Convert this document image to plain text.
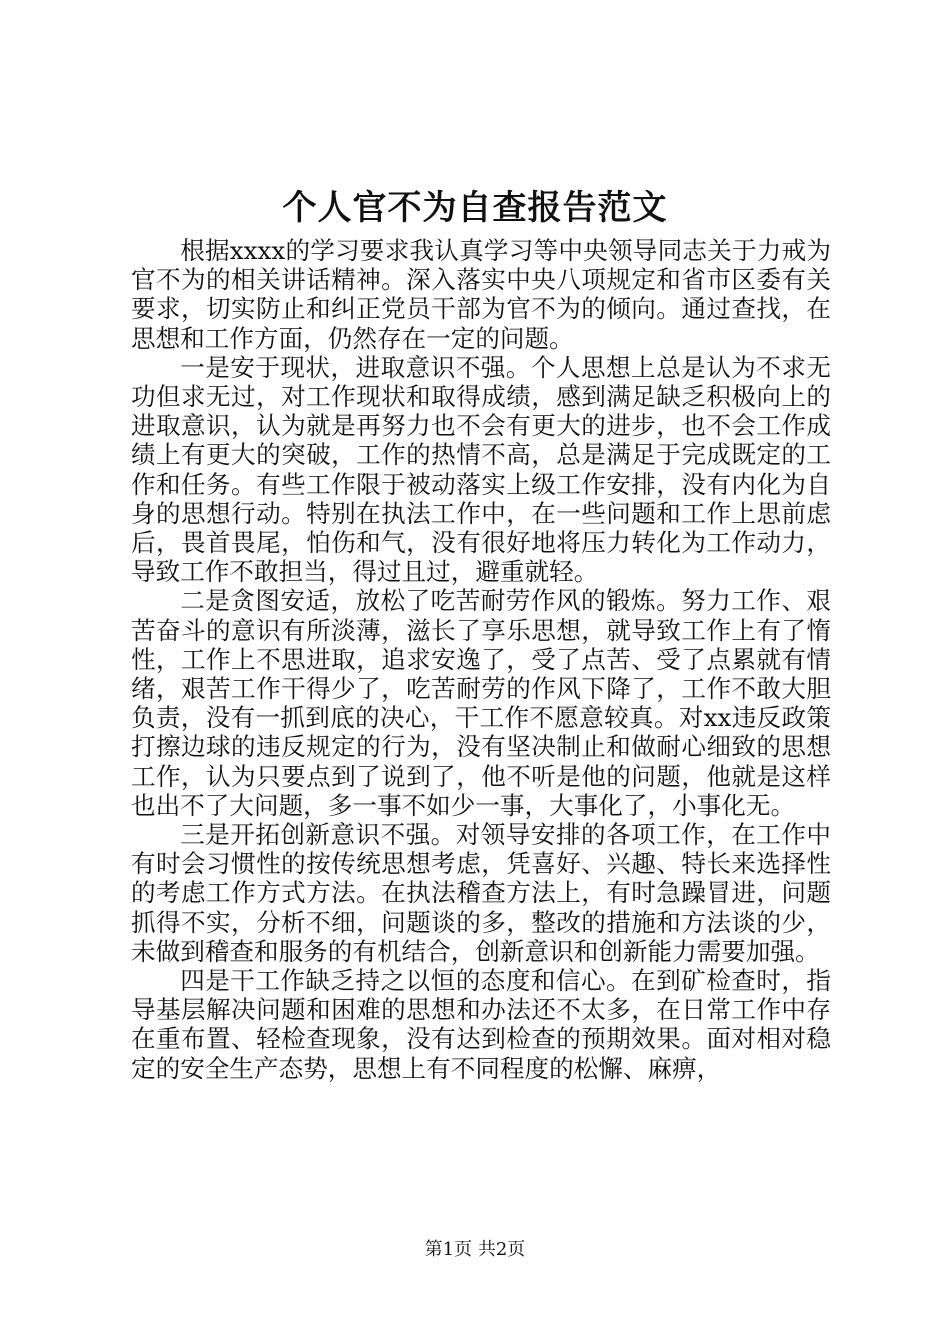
个人官不为自查报告范文

根据xxxx的学习要求我认真学习等中央领导同志关于力戒为官不为的相关讲话精神。深入落实中央八项规定和省市区委有关要求，切实防止和纠正党员干部为官不为的倾向。通过查找，在思想和工作方面，仍然存在一定的问题。

一是安于现状，进取意识不强。个人思想上总是认为不求无功但求无过，对工作现状和取得成绩，感到满足缺乏积极向上的进取意识，认为就是再努力也不会有更大的进步，也不会工作成绩上有更大的突破，工作的热情不高，总是满足于完成既定的工作和任务。有些工作限于被动落实上级工作安排，没有内化为自身的思想行动。特别在执法工作中，在一些问题和工作上思前虑后，畏首畏尾，怕伤和气，没有很好地将压力转化为工作动力，导致工作不敢担当，得过且过，避重就轻。

二是贪图安适，放松了吃苦耐劳作风的锻炼。努力工作、艰苦奋斗的意识有所淡薄，滋长了享乐思想，就导致工作上有了惰性，工作上不思进取，追求安逸了，受了点苦、受了点累就有情绪，艰苦工作干得少了，吃苦耐劳的作风下降了，工作不敢大胆负责，没有一抓到底的决心，干工作不愿意较真。对xx违反政策打擦边球的违反规定的行为，没有坚决制止和做耐心细致的思想工作，认为只要点到了说到了，他不听是他的问题，他就是这样也出不了大问题，多一事不如少一事，大事化了，小事化无。

三是开拓创新意识不强。对领导安排的各项工作，在工作中有时会习惯性的按传统思想考虑，凭喜好、兴趣、特长来选择性的考虑工作方式方法。在执法稽查方法上，有时急躁冒进，问题抓得不实，分析不细，问题谈的多，整改的措施和方法谈的少，未做到稽查和服务的有机结合，创新意识和创新能力需要加强。

四是干工作缺乏持之以恒的态度和信心。在到矿检查时，指导基层解决问题和困难的思想和办法还不太多，在日常工作中存在重布置、轻检查现象，没有达到检查的预期效果。面对相对稳定的安全生产态势，思想上有不同程度的松懈、麻痹，

第1页 共2页
